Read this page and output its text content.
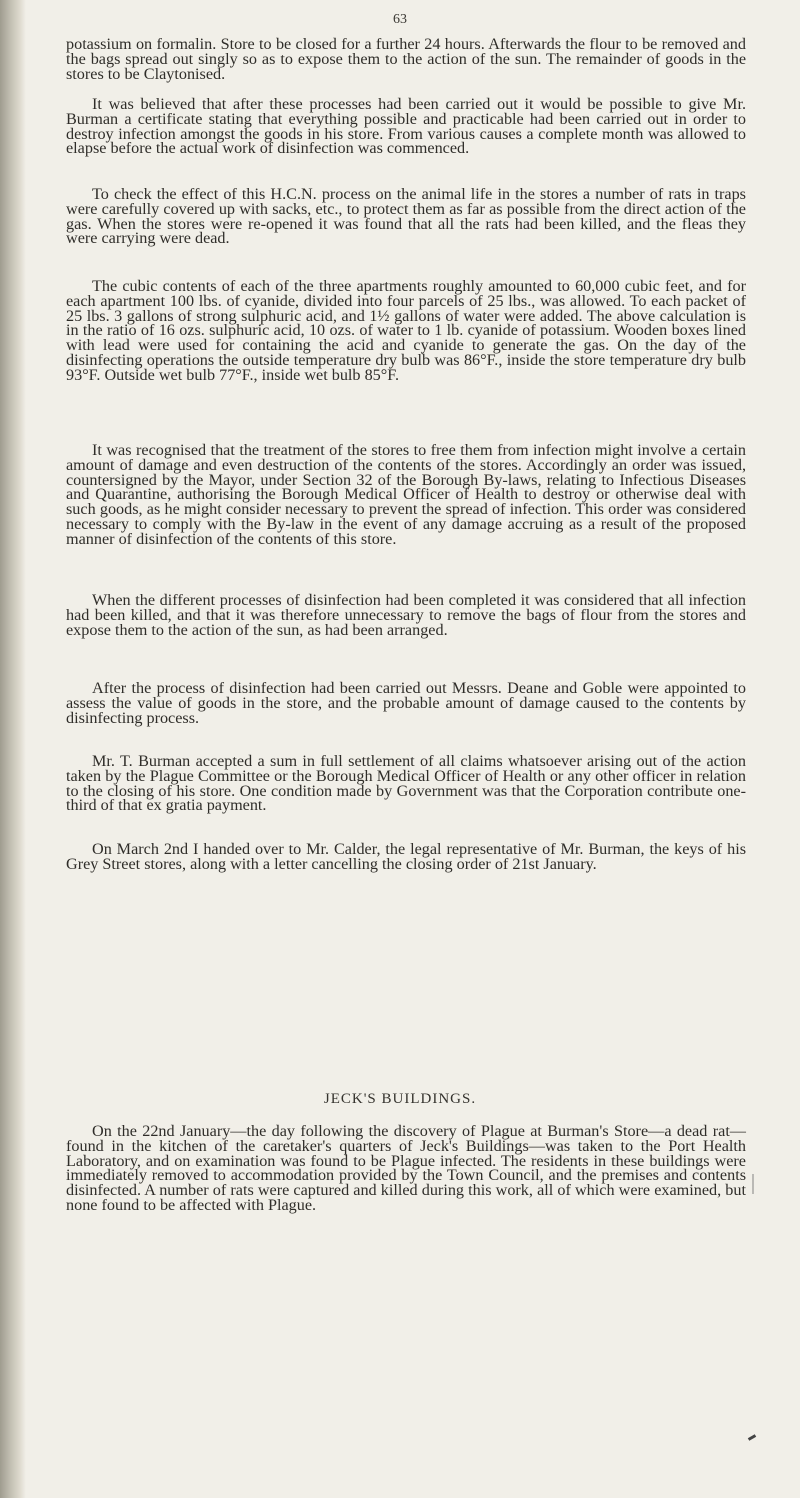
63

potassium on formalin. Store to be closed for a further 24 hours. Afterwards the flour to be removed and the bags spread out singly so as to expose them to the action of the sun. The remainder of goods in the stores to be Claytonised.

It was believed that after these processes had been carried out it would be possible to give Mr. Burman a certificate stating that everything possible and practicable had been carried out in order to destroy infection amongst the goods in his store. From various causes a complete month was allowed to elapse before the actual work of disinfection was commenced.

To check the effect of this H.C.N. process on the animal life in the stores a number of rats in traps were carefully covered up with sacks, etc., to protect them as far as possible from the direct action of the gas. When the stores were re-opened it was found that all the rats had been killed, and the fleas they were carrying were dead.

The cubic contents of each of the three apartments roughly amounted to 60,000 cubic feet, and for each apartment 100 lbs. of cyanide, divided into four parcels of 25 lbs., was allowed. To each packet of 25 lbs. 3 gallons of strong sulphuric acid, and 1½ gallons of water were added. The above calculation is in the ratio of 16 ozs. sulphuric acid, 10 ozs. of water to 1 lb. cyanide of potassium. Wooden boxes lined with lead were used for containing the acid and cyanide to generate the gas. On the day of the disinfecting operations the outside temperature dry bulb was 86°F., inside the store temperature dry bulb 93°F. Outside wet bulb 77°F., inside wet bulb 85°F.

It was recognised that the treatment of the stores to free them from infection might involve a certain amount of damage and even destruction of the contents of the stores. Accordingly an order was issued, countersigned by the Mayor, under Section 32 of the Borough By-laws, relating to Infectious Diseases and Quarantine, authorising the Borough Medical Officer of Health to destroy or otherwise deal with such goods, as he might consider necessary to prevent the spread of infection. This order was considered necessary to comply with the By-law in the event of any damage accruing as a result of the proposed manner of disinfection of the contents of this store.

When the different processes of disinfection had been completed it was considered that all infection had been killed, and that it was therefore unnecessary to remove the bags of flour from the stores and expose them to the action of the sun, as had been arranged.

After the process of disinfection had been carried out Messrs. Deane and Goble were appointed to assess the value of goods in the store, and the probable amount of damage caused to the contents by disinfecting process.

Mr. T. Burman accepted a sum in full settlement of all claims whatsoever arising out of the action taken by the Plague Committee or the Borough Medical Officer of Health or any other officer in relation to the closing of his store. One condition made by Government was that the Corporation contribute one-third of that ex gratia payment.

On March 2nd I handed over to Mr. Calder, the legal representative of Mr. Burman, the keys of his Grey Street stores, along with a letter cancelling the closing order of 21st January.

JECK'S BUILDINGS.

On the 22nd January—the day following the discovery of Plague at Burman's Store—a dead rat—found in the kitchen of the caretaker's quarters of Jeck's Buildings—was taken to the Port Health Laboratory, and on examination was found to be Plague infected. The residents in these buildings were immediately removed to accommodation provided by the Town Council, and the premises and contents disinfected. A number of rats were captured and killed during this work, all of which were examined, but none found to be affected with Plague.
